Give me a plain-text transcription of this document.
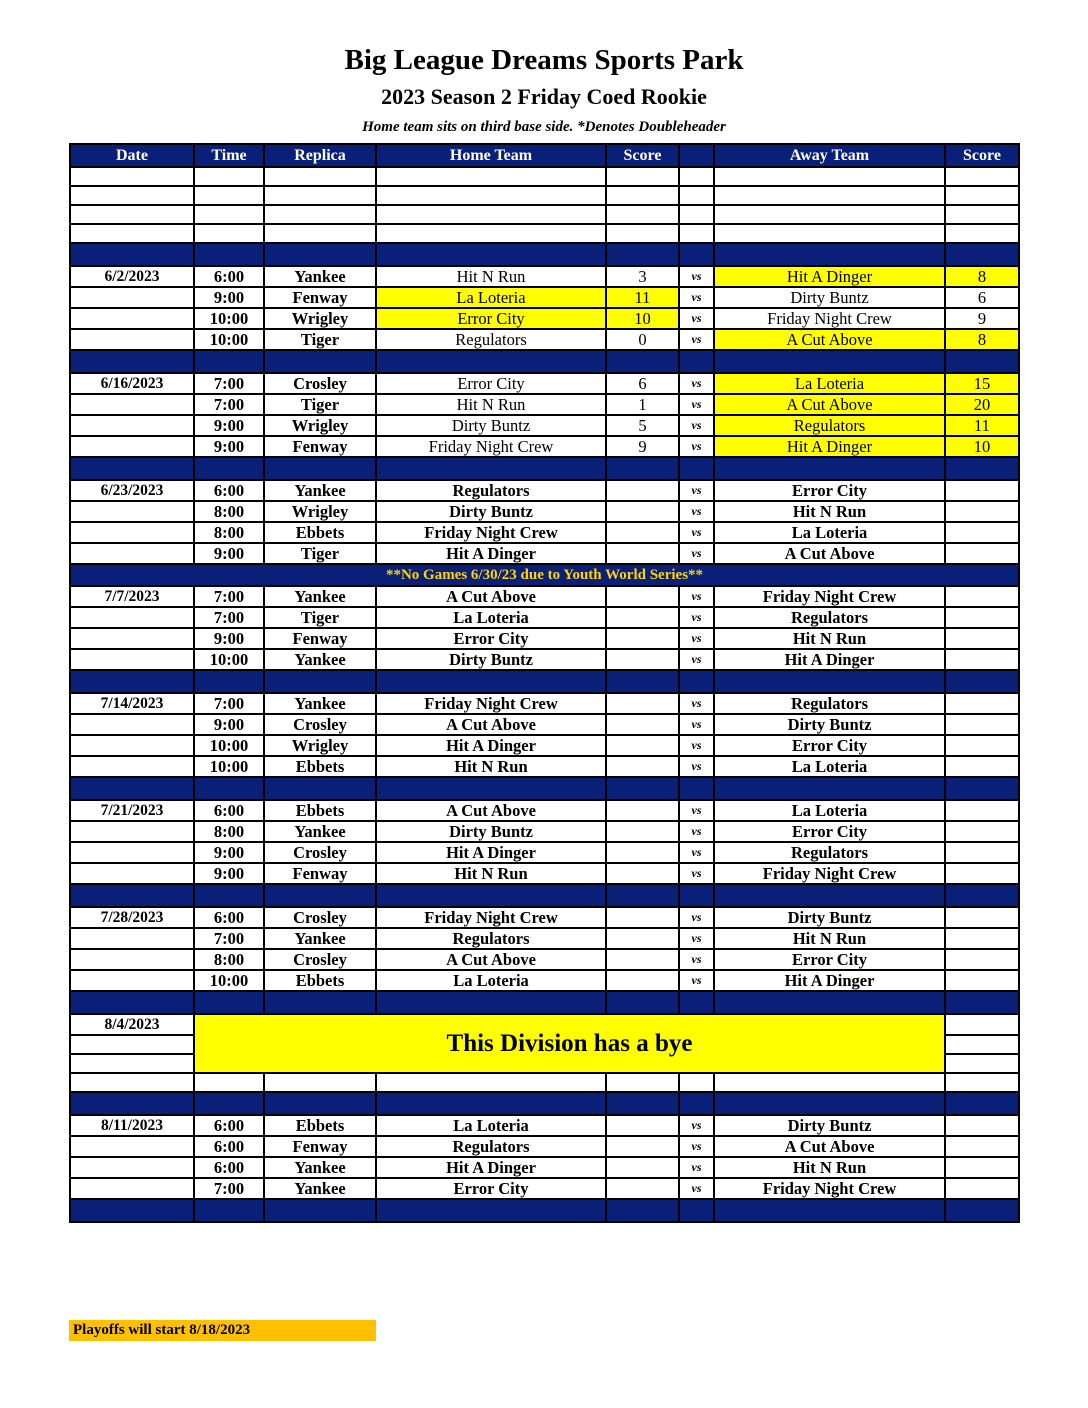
Big League Dreams Sports Park
2023 Season 2 Friday Coed Rookie
Home team sits on third base side. *Denotes Doubleheader
Date	Time	Replica	Home Team	Score		Away Team	Score

6/2/2023	6:00	Yankee	Hit N Run	3	vs	Hit A Dinger	8
	9:00	Fenway	La Loteria	11	vs	Dirty Buntz	6
	10:00	Wrigley	Error City	10	vs	Friday Night Crew	9
	10:00	Tiger	Regulators	0	vs	A Cut Above	8

6/16/2023	7:00	Crosley	Error City	6	vs	La Loteria	15
	7:00	Tiger	Hit N Run	1	vs	A Cut Above	20
	9:00	Wrigley	Dirty Buntz	5	vs	Regulators	11
	9:00	Fenway	Friday Night Crew	9	vs	Hit A Dinger	10

6/23/2023	6:00	Yankee	Regulators		vs	Error City	
	8:00	Wrigley	Dirty Buntz		vs	Hit N Run	
	8:00	Ebbets	Friday Night Crew		vs	La Loteria	
	9:00	Tiger	Hit A Dinger		vs	A Cut Above	
**No Games 6/30/23 due to Youth World Series**							
7/7/2023	7:00	Yankee	A Cut Above		vs	Friday Night Crew	
	7:00	Tiger	La Loteria		vs	Regulators	
	9:00	Fenway	Error City		vs	Hit N Run	
	10:00	Yankee	Dirty Buntz		vs	Hit A Dinger	

7/14/2023	7:00	Yankee	Friday Night Crew		vs	Regulators	
	9:00	Crosley	A Cut Above		vs	Dirty Buntz	
	10:00	Wrigley	Hit A Dinger		vs	Error City	
	10:00	Ebbets	Hit N Run		vs	La Loteria	

7/21/2023	6:00	Ebbets	A Cut Above		vs	La Loteria	
	8:00	Yankee	Dirty Buntz		vs	Error City	
	9:00	Crosley	Hit A Dinger		vs	Regulators	
	9:00	Fenway	Hit N Run		vs	Friday Night Crew	

7/28/2023	6:00	Crosley	Friday Night Crew		vs	Dirty Buntz	
	7:00	Yankee	Regulators		vs	Hit N Run	
	8:00	Crosley	A Cut Above		vs	Error City	
	10:00	Ebbets	La Loteria		vs	Hit A Dinger	

8/4/2023	This Division has a bye						

8/11/2023	6:00	Ebbets	La Loteria		vs	Dirty Buntz	
	6:00	Fenway	Regulators		vs	A Cut Above	
	6:00	Yankee	Hit A Dinger		vs	Hit N Run	
	7:00	Yankee	Error City		vs	Friday Night Crew	

Playoffs will start 8/18/2023
